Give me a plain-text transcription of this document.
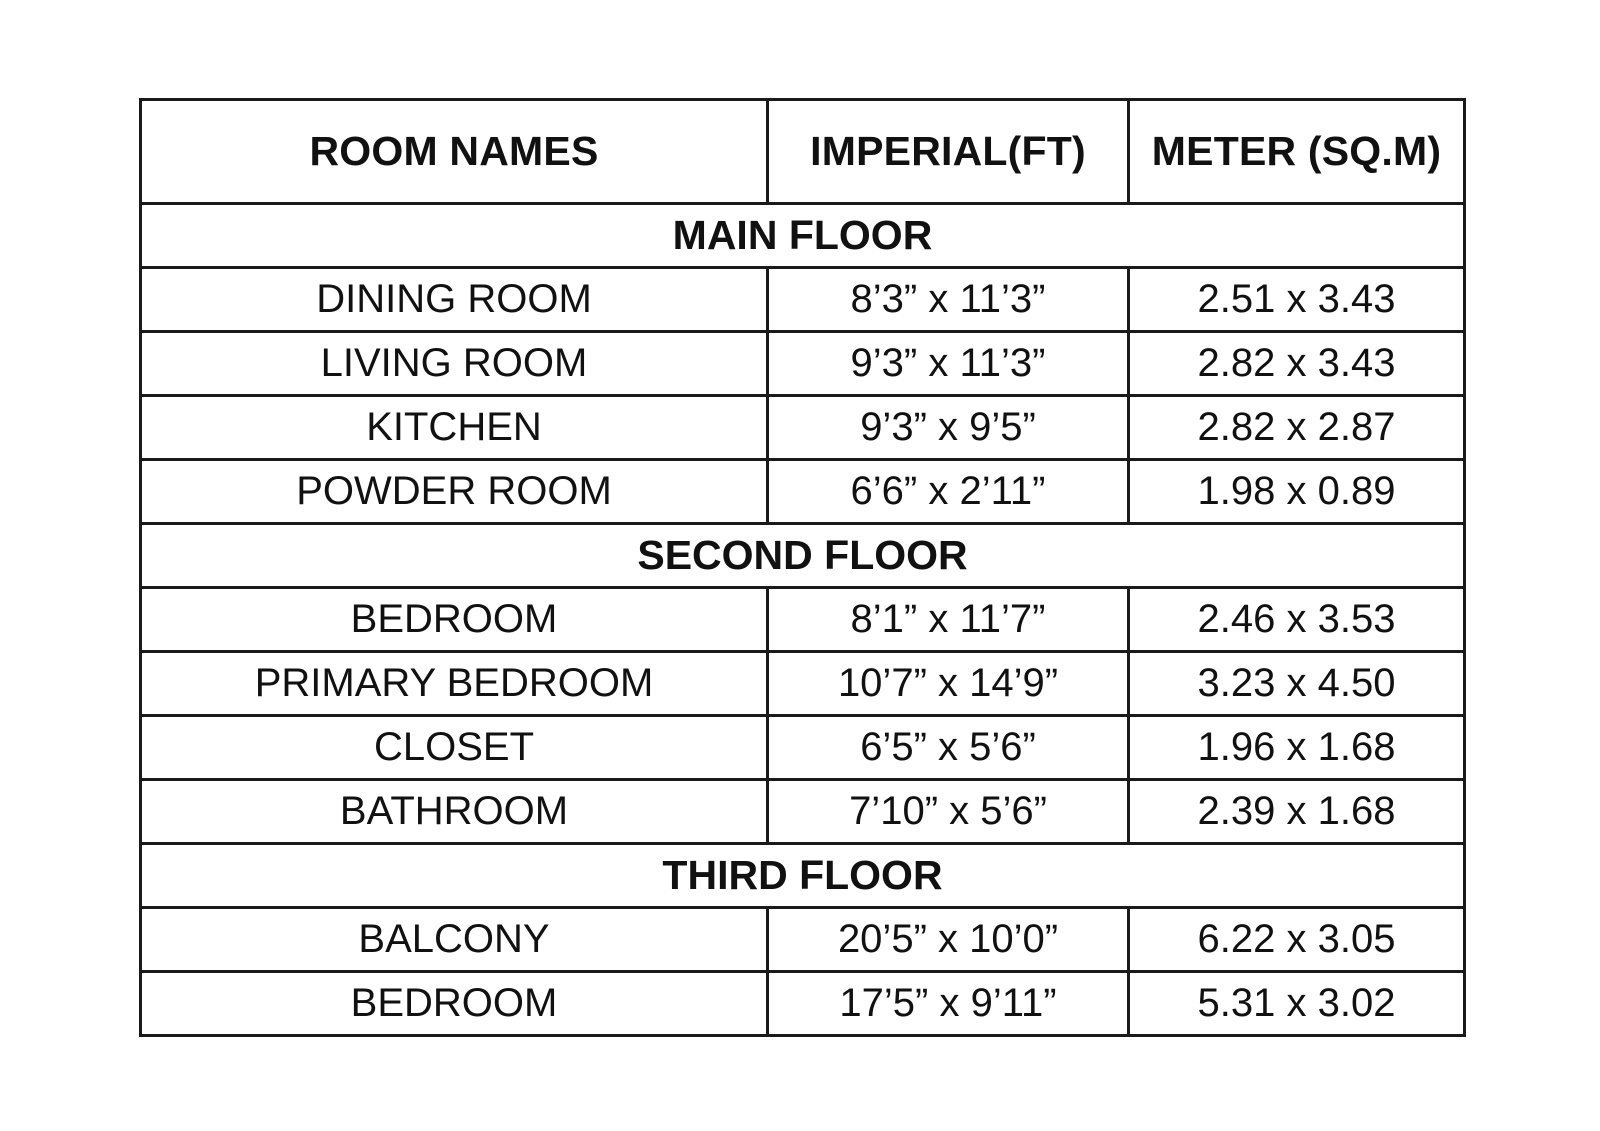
ROOM NAMES	IMPERIAL(FT)	METER (SQ.M)
MAIN FLOOR		
DINING ROOM	8’3” x 11’3”	2.51 x 3.43
LIVING ROOM	9’3” x 11’3”	2.82 x 3.43
KITCHEN	9’3” x 9’5”	2.82 x 2.87
POWDER ROOM	6’6” x 2’11”	1.98 x 0.89
SECOND FLOOR		
BEDROOM	8’1” x 11’7”	2.46 x 3.53
PRIMARY BEDROOM	10’7” x 14’9”	3.23 x 4.50
CLOSET	6’5” x 5’6”	1.96 x 1.68
BATHROOM	7’10” x 5’6”	2.39 x 1.68
THIRD FLOOR		
BALCONY	20’5” x 10’0”	6.22 x 3.05
BEDROOM	17’5” x 9’11”	5.31 x 3.02
